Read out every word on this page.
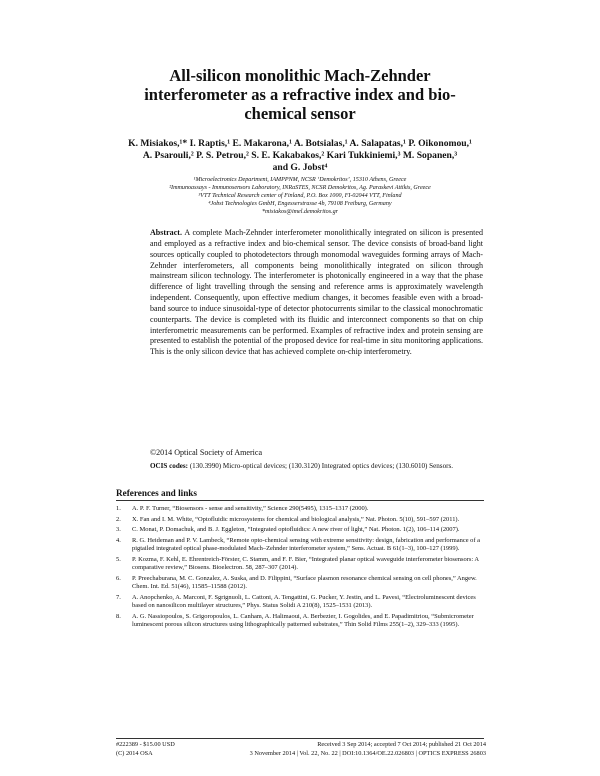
All-silicon monolithic Mach-Zehnder
interferometer as a refractive index and bio-
chemical sensor
K. Misiakos,¹* I. Raptis,¹ E. Makarona,¹ A. Botsialas,¹ A. Salapatas,¹ P. Oikonomou,¹
A. Psarouli,² P. S. Petrou,² S. E. Kakabakos,² Kari Tukkiniemi,³ M. Sopanen,³
and G. Jobst⁴
¹Microelectronics Department, IAMPPNM, NCSR ‘Demokritos’, 15310 Athens, Greece
²Immunoassays - Immunosensors Laboratory, INRaSTES, NCSR Demokritos, Ag. Paraskevi Attikis, Greece
³VTT Technical Research center of Finland, P.O. Box 1000, FI-02044 VTT, Finland
⁴Jobst Technologies GmbH, Engesserstrasse 4b, 79108 Freiburg, Germany
*misiakos@imel.demokritos.gr
Abstract. A complete Mach-Zehnder interferometer monolithically integrated on silicon is presented and employed as a refractive index and bio-chemical sensor. The device consists of broad-band light sources optically coupled to photodetectors through monomodal waveguides forming arrays of Mach-Zehnder interferometers, all components being monolithically integrated on silicon through mainstream silicon technology. The interferometer is photonically engineered in a way that the phase difference of light travelling through the sensing and reference arms is approximately wavelength independent. Consequently, upon effective medium changes, it becomes feasible even with a broad-band source to induce sinusoidal-type of detector photocurrents similar to the classical monochromatic counterparts. The device is completed with its fluidic and interconnect components so that on chip interferometric measurements can be performed. Examples of refractive index and protein sensing are presented to establish the potential of the proposed device for real-time in situ monitoring applications. This is the only silicon device that has achieved complete on-chip interferometry.
©2014 Optical Society of America
OCIS codes: (130.3990) Micro-optical devices; (130.3120) Integrated optics devices; (130.6010) Sensors.
References and links
1. A. P. F. Turner, “Biosensors - sense and sensitivity,” Science 290(5495), 1315–1317 (2000).
2. X. Fan and I. M. White, “Optofluidic microsystems for chemical and biological analysis,” Nat. Photon. 5(10), 591–597 (2011).
3. C. Monat, P. Domachuk, and B. J. Eggleton, “Integrated optofluidics: A new river of light,” Nat. Photon. 1(2), 106–114 (2007).
4. R. G. Heideman and P. V. Lambeck, “Remote opto-chemical sensing with extreme sensitivity: design, fabrication and performance of a pigtailed integrated optical phase-modulated Mach–Zehnder interferometer system,” Sens. Actuat. B 61(1–3), 100–127 (1999).
5. P. Kozma, F. Kehl, E. Ehrentreich-Förster, C. Stamm, and F. F. Bier, “Integrated planar optical waveguide interferometer biosensors: A comparative review,” Biosens. Bioelectron. 58, 287–307 (2014).
6. P. Preechaburana, M. C. Gonzalez, A. Suska, and D. Filippini, “Surface plasmon resonance chemical sensing on cell phones,” Angew. Chem. Int. Ed. 51(46), 11585–11588 (2012).
7. A. Anopchenko, A. Marconi, F. Sgrignuoli, L. Cattoni, A. Tengattini, G. Pucker, Y. Jestin, and L. Pavesi, “Electroluminescent devices based on nanosilicon multilayer structures,” Phys. Status Solidi A 210(8), 1525–1531 (2013).
8. A. G. Nassiopoulos, S. Grigoropoulos, L. Canham, A. Halimaoui, A. Berbezier, I. Gogolides, and E. Papadimitriou, “Submicrometer luminescent porous silicon structures using lithographically patterned substrates,” Thin Solid Films 255(1–2), 329–333 (1995).
#222389 - $15.00 USD	Received 3 Sep 2014; accepted 7 Oct 2014; published 21 Oct 2014
(C) 2014 OSA	3 November 2014 | Vol. 22, No. 22 | DOI:10.1364/OE.22.026803 | OPTICS EXPRESS 26803
